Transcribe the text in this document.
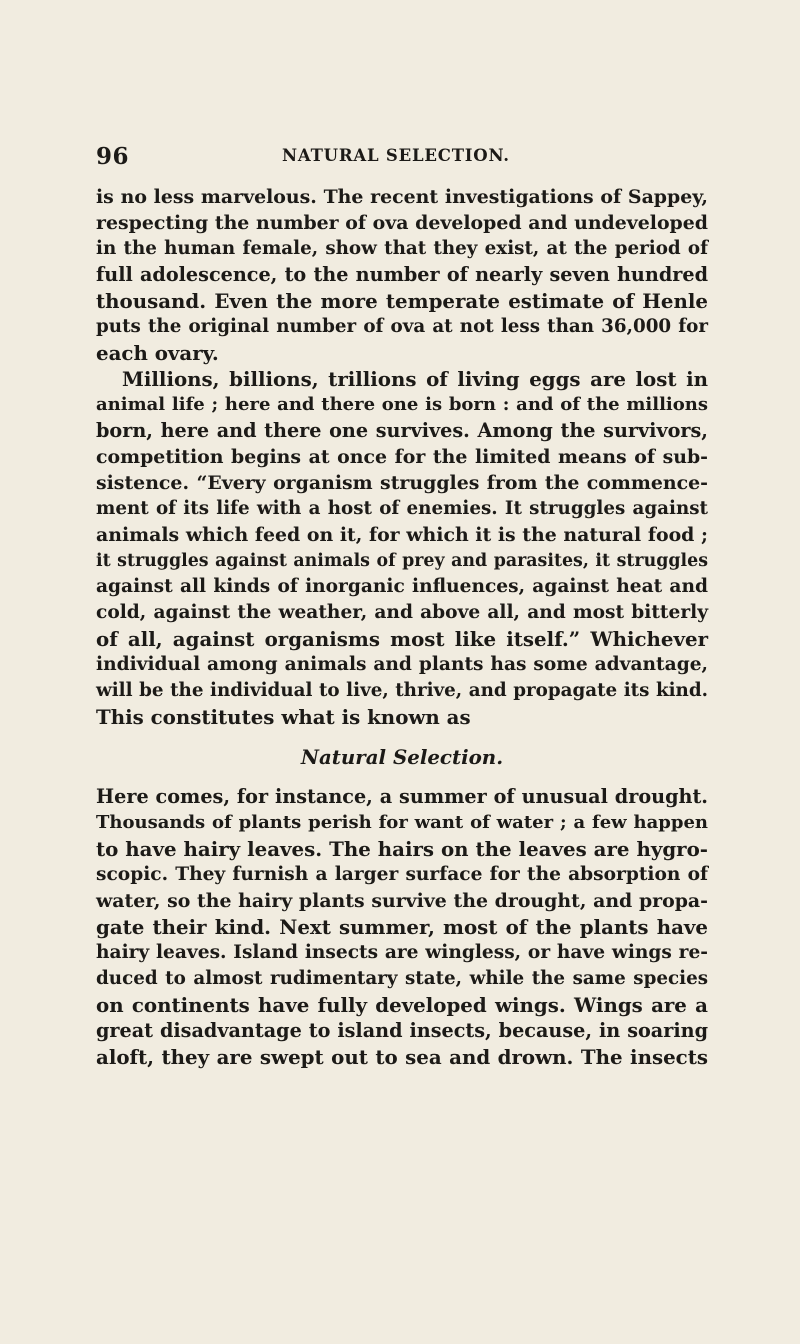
96	NATURAL SELECTION.
is no less marvelous. The recent investigations of Sappey,
respecting the number of ova developed and undeveloped
in the human female, show that they exist, at the period of
full adolescence, to the number of nearly seven hundred
thousand. Even the more temperate estimate of Henle
puts the original number of ova at not less than 36,000 for
each ovary.
Millions, billions, trillions of living eggs are lost in
animal life ; here and there one is born : and of the millions
born, here and there one survives. Among the survivors,
competition begins at once for the limited means of sub-
sistence. “Every organism struggles from the commence-
ment of its life with a host of enemies. It struggles against
animals which feed on it, for which it is the natural food ;
it struggles against animals of prey and parasites, it struggles
against all kinds of inorganic influences, against heat and
cold, against the weather, and above all, and most bitterly
of all, against organisms most like itself.” Whichever
individual among animals and plants has some advantage,
will be the individual to live, thrive, and propagate its kind.
This constitutes what is known as
Natural Selection.
Here comes, for instance, a summer of unusual drought.
Thousands of plants perish for want of water ; a few happen
to have hairy leaves. The hairs on the leaves are hygro-
scopic. They furnish a larger surface for the absorption of
water, so the hairy plants survive the drought, and propa-
gate their kind. Next summer, most of the plants have
hairy leaves. Island insects are wingless, or have wings re-
duced to almost rudimentary state, while the same species
on continents have fully developed wings. Wings are a
great disadvantage to island insects, because, in soaring
aloft, they are swept out to sea and drown. The insects
